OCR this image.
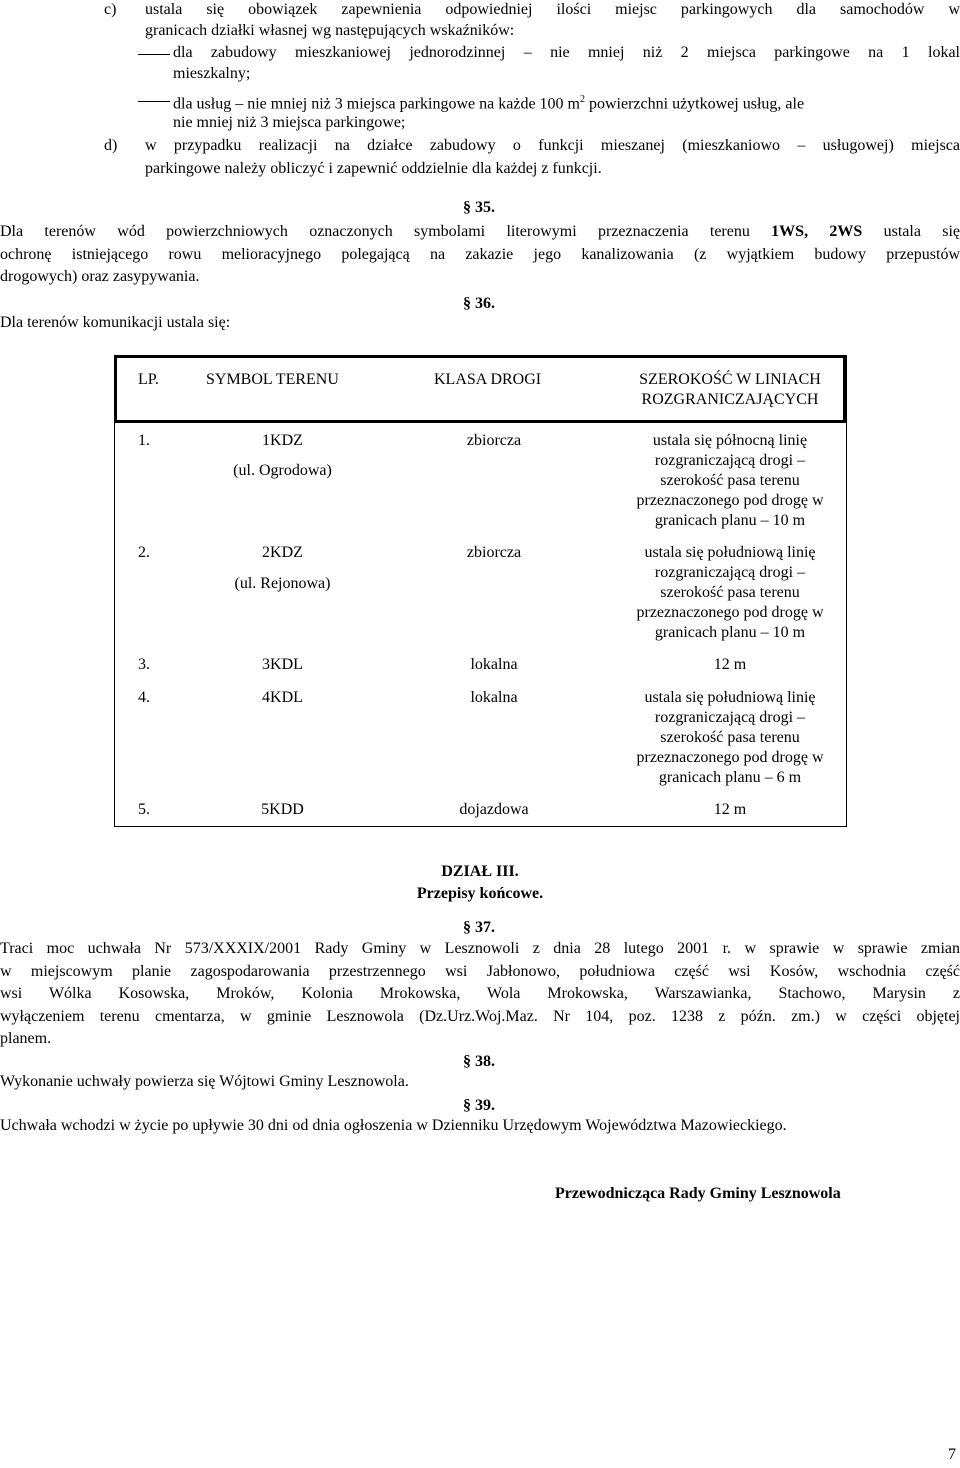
c) ustala się obowiązek zapewnienia odpowiedniej ilości miejsc parkingowych dla samochodów w
granicach działki własnej wg następujących wskaźników:
dla zabudowy mieszkaniowej jednorodzinnej – nie mniej niż 2 miejsca parkingowe na 1 lokal
mieszkalny;
dla usług – nie mniej niż 3 miejsca parkingowe na każde 100 $m^2$ powierzchni użytkowej usług, ale
nie mniej niż 3 miejsca parkingowe;
d) w przypadku realizacji na działce zabudowy o funkcji mieszanej (mieszkaniowo – usługowej) miejsca
parkingowe należy obliczyć i zapewnić oddzielnie dla każdej z funkcji.
§ 35.
Dla terenów wód powierzchniowych oznaczonych symbolami literowymi przeznaczenia terenu 1WS, 2WS ustala się
ochronę istniejącego rowu melioracyjnego polegającą na zakazie jego kanalizowania (z wyjątkiem budowy przepustów
drogowych) oraz zasypywania.
§ 36.
Dla terenów komunikacji ustala się:
LP.	SYMBOL TERENU	KLASA DROGI	SZEROKOŚĆ W LINIACH
ROZGRANICZAJĄCYCH
1.	1KDZ
(ul. Ogrodowa)
zbiorcza	ustala się północną linię
rozgraniczającą drogi –
szerokość pasa terenu
przeznaczonego pod drogę w
granicach planu – 10 m
2.	2KDZ
(ul. Rejonowa)
zbiorcza	ustala się południową linię
rozgraniczającą drogi –
szerokość pasa terenu
przeznaczonego pod drogę w
granicach planu – 10 m
3.	3KDL	lokalna	12 m
4.	4KDL	lokalna	ustala się południową linię
rozgraniczającą drogi –
szerokość pasa terenu
przeznaczonego pod drogę w
granicach planu – 6 m
5.	5KDD	dojazdowa	12 m
DZIAŁ III.
Przepisy końcowe.
§ 37.
Traci moc uchwała Nr 573/XXXIX/2001 Rady Gminy w Lesznowoli z dnia 28 lutego 2001 r. w sprawie w sprawie zmian
w miejscowym planie zagospodarowania przestrzennego wsi Jabłonowo, południowa część wsi Kosów, wschodnia część
wsi Wólka Kosowska, Mroków, Kolonia Mrokowska, Wola Mrokowska, Warszawianka, Stachowo, Marysin z
wyłączeniem terenu cmentarza, w gminie Lesznowola (Dz.Urz.Woj.Maz. Nr 104, poz. 1238 z późn. zm.) w części objętej
planem.
§ 38.
Wykonanie uchwały powierza się Wójtowi Gminy Lesznowola.
§ 39.
Uchwała wchodzi w życie po upływie 30 dni od dnia ogłoszenia w Dzienniku Urzędowym Województwa Mazowieckiego.
Przewodnicząca Rady Gminy Lesznowola
7
